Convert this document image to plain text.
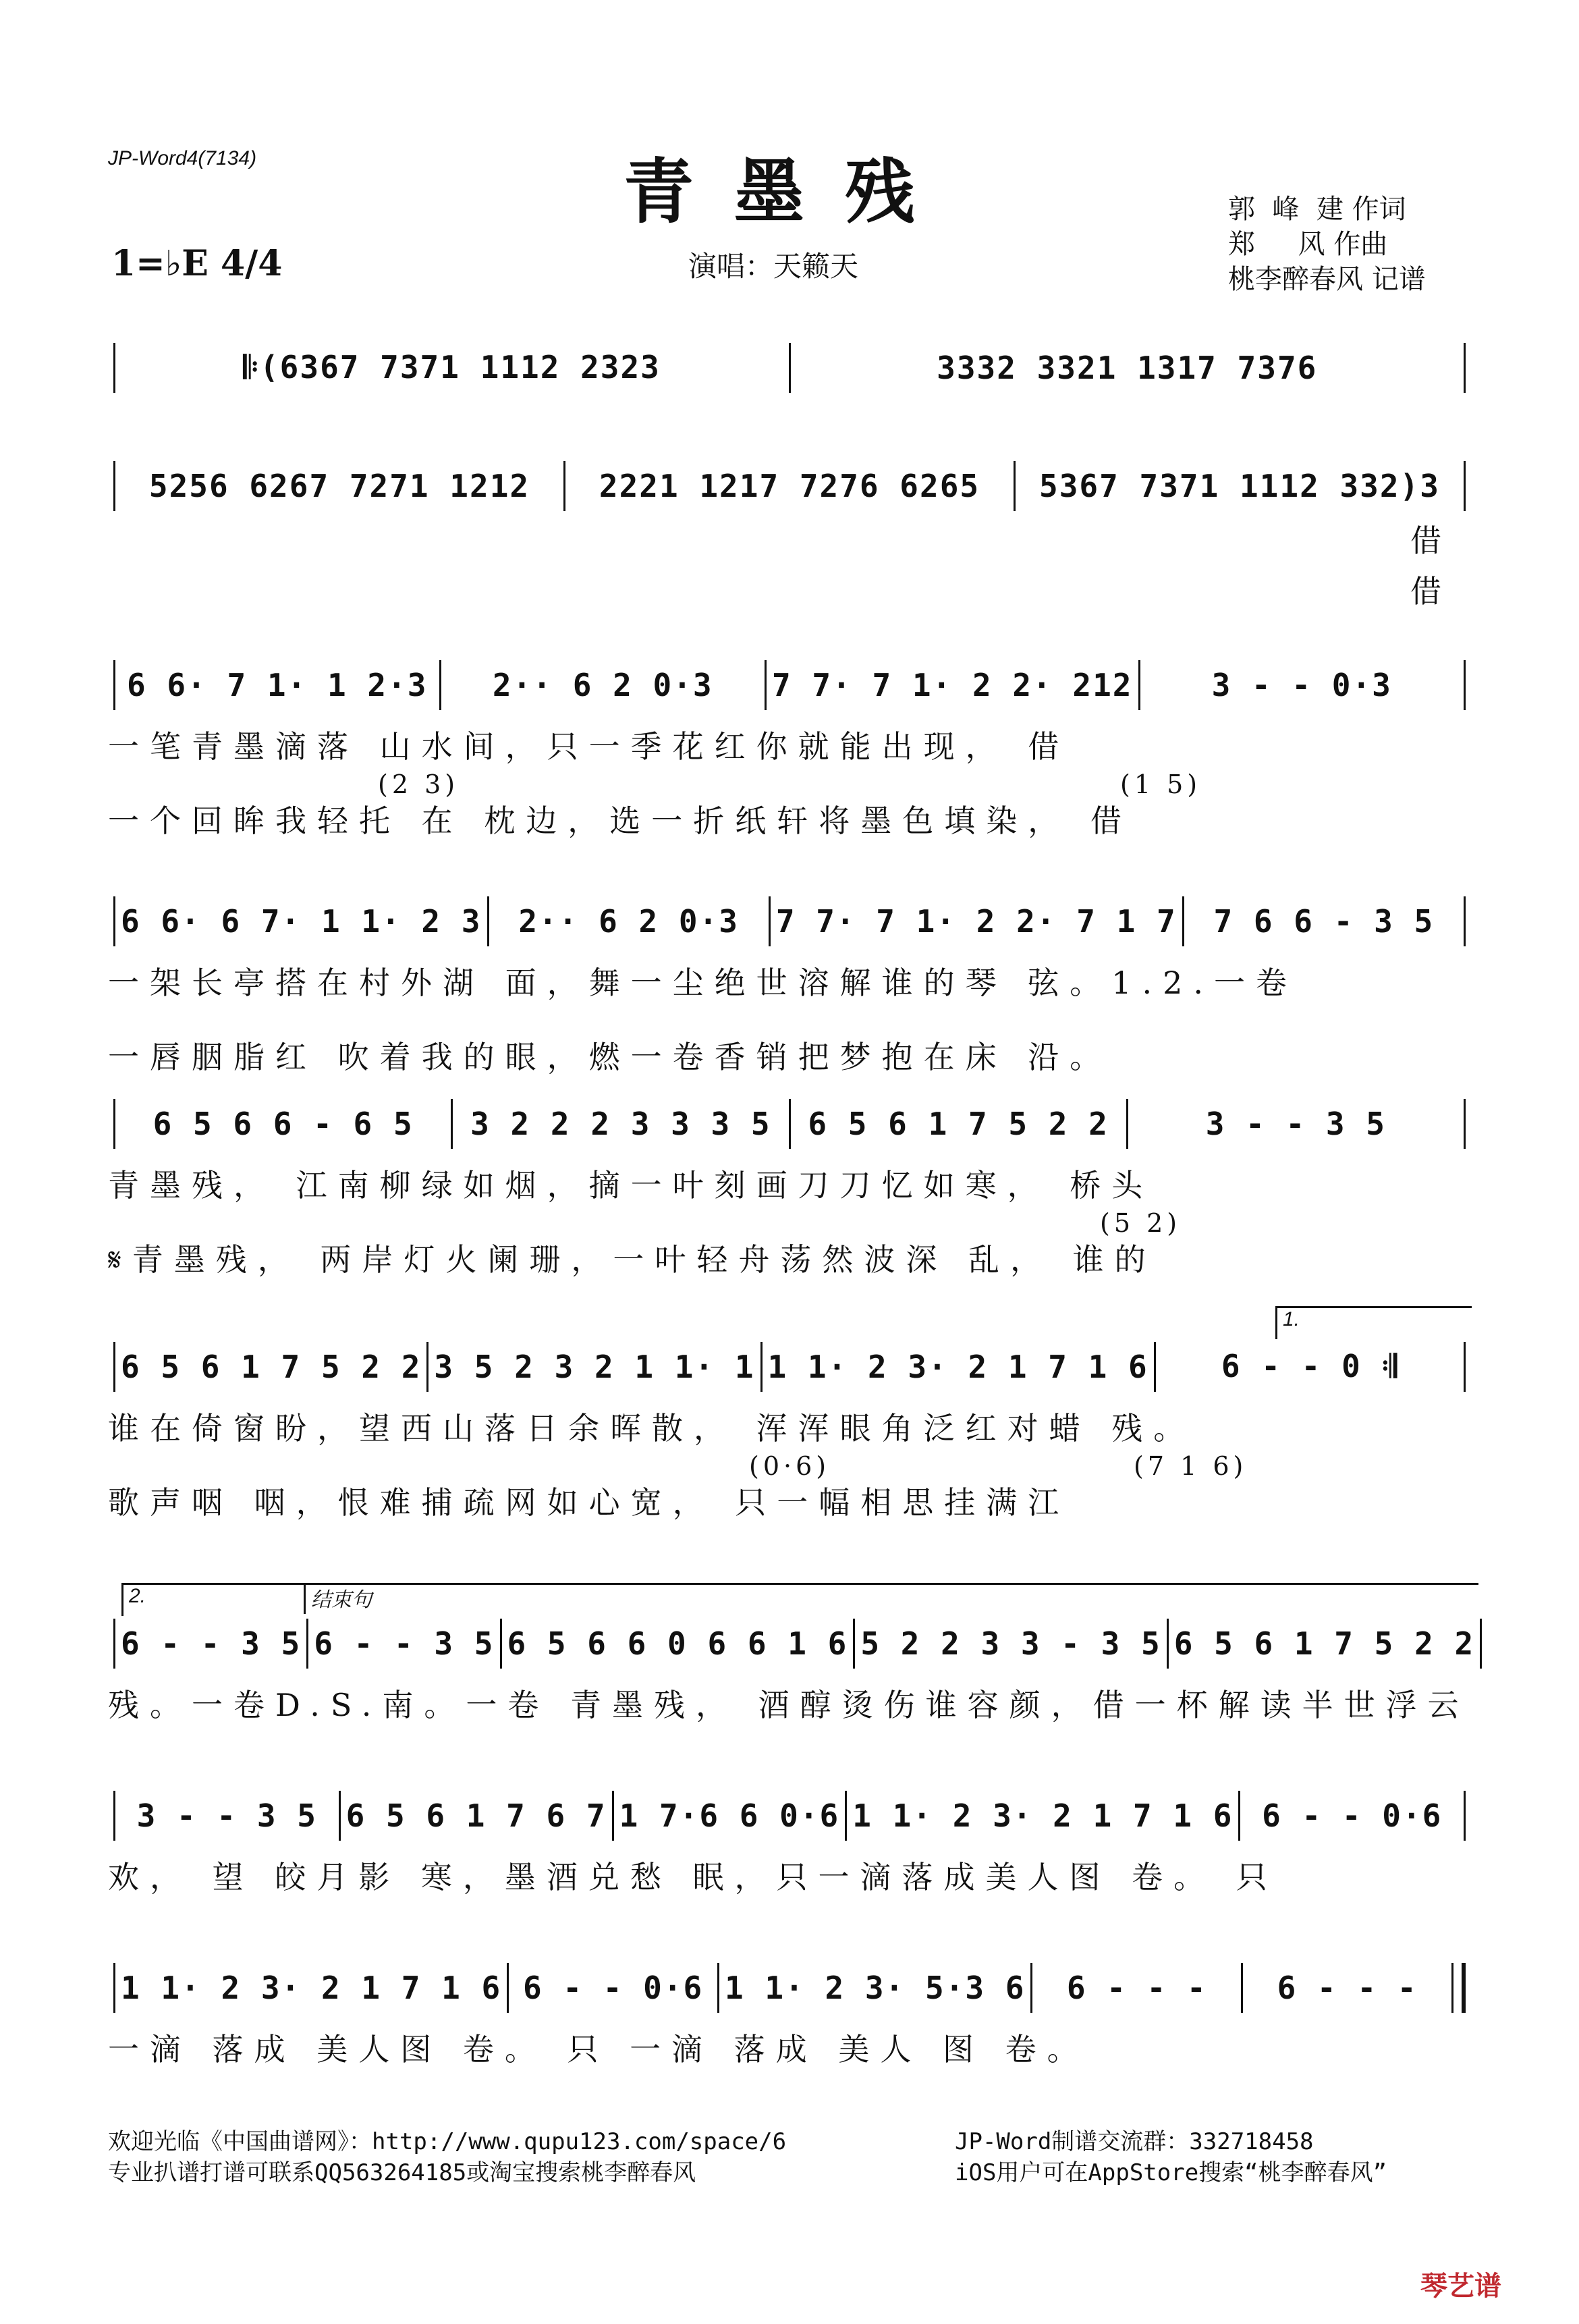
JP-Word4(7134)	青墨残
1=♭E 4/4	演唱：天籁天
郭  峰  建 作词
郑     风 作曲
桃李醉春风 记谱
𝄆(6367 7371 1112 2323	3332 3321 1317 7376
5256 6267 7271 1212	2221 1217 7276 6265	5367 7371 1112 332)3
借
借
6 6· 7 1· 1 2·3	2·· 6 2 0·3	7 7· 7 1· 2 2· 212	3 - - 0·3
一笔青墨滴落 山水间，只一季花红你就能出现， 借
一个回眸我轻托 在 枕边，选一折纸轩将墨色填染， 借
(2 3)	(1 5)
6 6· 6 7· 1 1· 2 3	2·· 6 2 0·3	7 7· 7 1· 2 2· 7 1 7	7 6 6 - 3 5
一架长亭搭在村外湖 面，舞一尘绝世溶解谁的琴 弦。1.2.一卷
一唇胭脂红 吹着我的眼，燃一卷香销把梦抱在床 沿。
6 5 6 6 - 6 5	3 2 2 2 3 3 3 5	6 5 6 1 7 5 2 2	3 - - 3 5
青墨残， 江南柳绿如烟，摘一叶刻画刀刀忆如寒， 桥头
𝄋青墨残， 两岸灯火阑珊，一叶轻舟荡然波深 乱， 谁的
(5 2)
1.
6 5 6 1 7 5 2 2 3 5 2 3 2 1 1· 1 1 1· 2 3· 2 1 7 1 6	6 - - 0 𝄇
谁在倚窗盼，望西山落日余晖散， 浑浑眼角泛红对蜡 残。
歌声咽 咽，恨难捕疏网如心宽， 只一幅相思挂满江
(0·6)	(7 1 6)
2.	结束句
6 - - 3 5 6 - - 3 5 6 5 6 6 0 6 6 1 6 5 2 2 3 3 - 3 5 6 5 6 1 7 5 2 2
残。一卷D.S.南。一卷 青墨残， 酒醇烫伤谁容颜，借一杯解读半世浮云
3 - - 3 5 6 5 6 1 7 6 7 1 7·6 6 0·6 1 1· 2 3· 2 1 7 1 6 6 - - 0·6
欢， 望 皎月影 寒，墨酒兑愁 眠，只一滴落成美人图 卷。 只
1 1· 2 3· 2 1 7 1 6 6 - - 0·6 1 1· 2 3· 5·3 6	6 - - -	6 - - -
一滴 落成 美人图 卷。 只 一滴 落成 美人 图 卷。
欢迎光临《中国曲谱网》：http://www.qupu123.com/space/6
专业扒谱打谱可联系QQ563264185或淘宝搜索桃李醉春风
JP-Word制谱交流群：332718458
iOS用户可在AppStore搜索“桃李醉春风”
琴艺谱
